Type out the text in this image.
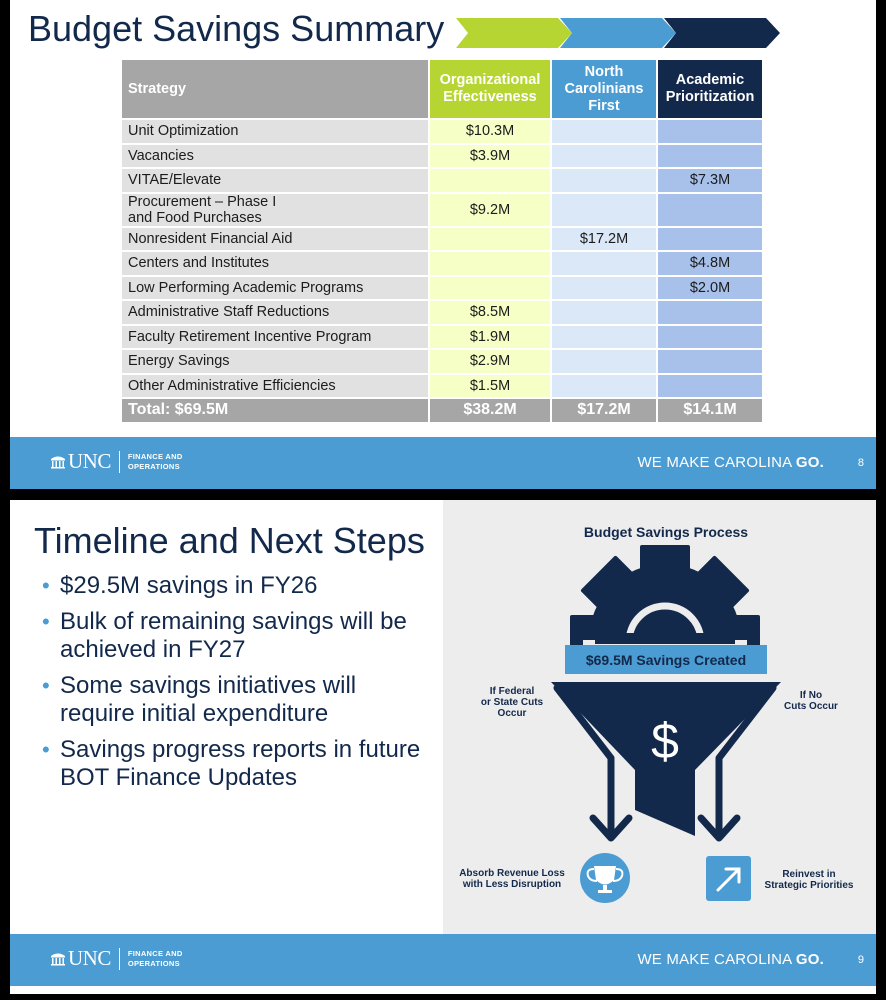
Budget Savings Summary
Strategy	Organizational Effectiveness	North Carolinians First	Academic Prioritization
Unit Optimization	$10.3M		
Vacancies	$3.9M		
VITAE/Elevate			$7.3M

Procurement – Phase I
and Food Purchases	$9.2M		
Nonresident Financial Aid		$17.2M	
Centers and Institutes			$4.8M
Low Performing Academic Programs			$2.0M
Administrative Staff Reductions	$8.5M		
Faculty Retirement Incentive Program	$1.9M		
Energy Savings	$2.9M		
Other Administrative Efficiencies	$1.5M		
Total: $69.5M	$38.2M	$17.2M	$14.1M
UNC FINANCE AND
OPERATIONS	WE MAKE CAROLINA GO.	8
Timeline and Next Steps
• $29.5M savings in FY26
• Bulk of remaining savings will be achieved in FY27
• Some savings initiatives will require initial expenditure
• Savings progress reports in future BOT Finance Updates
Budget Savings Process
$69.5M Savings Created
$
If Federal
or State Cuts
Occur
If No
Cuts Occur
Absorb Revenue Loss
with Less Disruption
Reinvest in
Strategic Priorities
UNC FINANCE AND
OPERATIONS	WE MAKE CAROLINA GO.	9
